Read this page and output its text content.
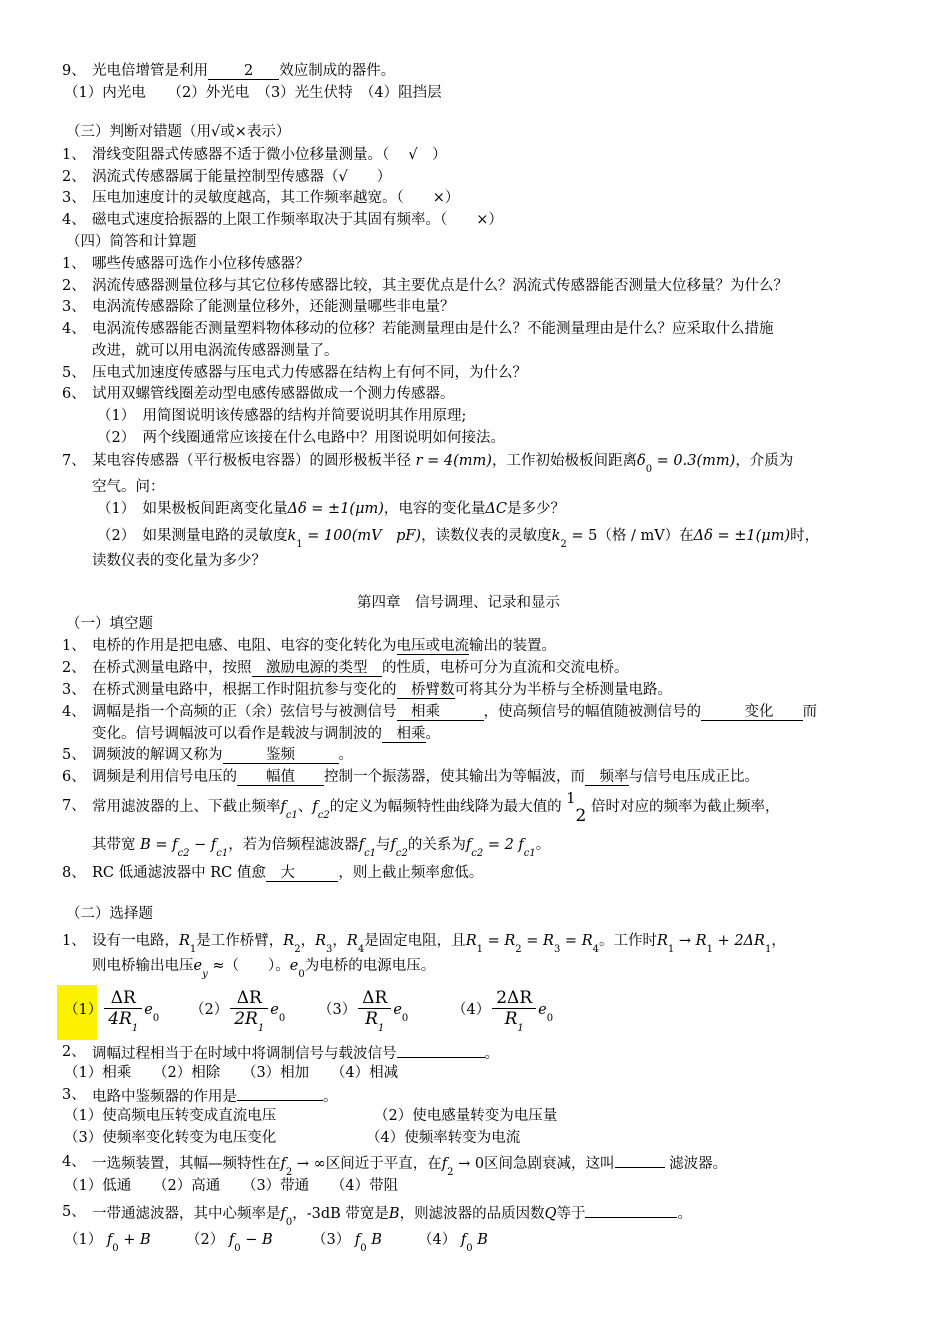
9、 光电倍增管是利用 2 效应制成的器件。
（1）内光电　　（2）外光电　（3）光生伏特　（4）阻挡层
（三）判断对错题（用√或×表示）
1、 滑线变阻器式传感器不适于微小位移量测量。（　 √　）
2、 涡流式传感器属于能量控制型传感器（√　　）
3、 压电加速度计的灵敏度越高，其工作频率越宽。（　　×）
4、 磁电式速度拾振器的上限工作频率取决于其固有频率。（　　×）
（四）简答和计算题
1、 哪些传感器可选作小位移传感器？
2、 涡流传感器测量位移与其它位移传感器比较，其主要优点是什么？涡流式传感器能否测量大位移量？为什么？
3、 电涡流传感器除了能测量位移外，还能测量哪些非电量？
4、 电涡流传感器能否测量塑料物体移动的位移？若能测量理由是什么？不能测量理由是什么？应采取什么措施
改进，就可以用电涡流传感器测量了。
5、 压电式加速度传感器与压电式力传感器在结构上有何不同，为什么？
6、 试用双螺管线圈差动型电感传感器做成一个测力传感器。
（1）　用简图说明该传感器的结构并简要说明其作用原理;
（2）　两个线圈通常应该接在什么电路中？用图说明如何接法。
7、 某电容传感器（平行极板电容器）的圆形极板半径 r = 4(mm)，工作初始极板间距离$\delta_0 = 0.3(mm)$，介质为
空气。问：
（1）　如果极板间距离变化量Δδ = ±1(μm)，电容的变化量ΔC是多少？
（2）　如果测量电路的灵敏度$k_1 = 100(mV$　pF)，读数仪表的灵敏度$k_2 = 5$（格 / mV）在Δδ = ±1(μm)时，
读数仪表的变化量为多少？
第四章　信号调理、记录和显示
（一）填空题
1、 电桥的作用是把电感、电阻、电容的变化转化为电压或电流输出的装置。
2、 在桥式测量电路中，按照　激励电源的类型　的性质，电桥可分为直流和交流电桥。
3、 在桥式测量电路中，根据工作时阻抗参与变化的　桥臂数可将其分为半桥与全桥测量电路。
4、 调幅是指一个高频的正（余）弦信号与被测信号　相乘　　　，使高频信号的幅值随被测信号的　　　变化　　 而
变化。信号调幅波可以看作是载波与调制波的　相乘。
5、 调频波的解调又称为　　　鉴频　　　。
6、 调频是利用信号电压的　　幅值　　控制一个振荡器，使其输出为等幅波，而　频率与信号电压成正比。
7、 常用滤波器的上、下截止频率$f_{c1}$、$f_{c2}$的定义为幅频特性曲线降为最大值的 12 倍时对应的频率为截止频率，
其带宽 $B = f_{c2} - f_{c1}$，若为倍频程滤波器$f_{c1}$与$f_{c2}$的关系为$f_{c2} = 2$ $f_{c1}$。
8、 RC 低通滤波器中 RC 值愈　大　　　，则上截止频率愈低。
（二）选择题
1、 设有一电路，$R_1$是工作桥臂，$R_2$，$R_3$，$R_4$是固定电阻，且$R_1 = R_2 = R_3 = R_4$。工作时$R_1 \to R_1 + 2\Delta R_1$，
则电桥输出电压$e_y$ ≈（　　）。$e_0$为电桥的电源电压。
$(1) \frac{\Delta R}{4R_1} e_0$
$(2) \frac{\Delta R}{2R_1} e_0$
$(3) \frac{\Delta R}{R_1} e_0$
$(4) \frac{2\Delta R}{R_1} e_0$
2、 调幅过程相当于在时域中将调制信号与载波信号	。
（1）相乘　　（2）相除　　（3）相加　　（4）相减
3、 电路中鉴频器的作用是	。
（1）使高频电压转变成直流电压	（2）使电感量转变为电压量
（3）使频率变化转变为电压变化	（4）使频率转变为电流
4、 一选频装置，其幅—频特性在$f_2$ → ∞区间近于平直，在$f_2 \to 0$区间急剧衰减，这叫	滤波器。
（1）低通　　（2）高通　　（3）带通　　（4）带阻
5、 一带通滤波器，其中心频率是$f_0$，-3dB 带宽是B，则滤波器的品质因数Q等于	。
（1） $f_0 + B$ （2） $f_0 - B$	（3） $f_0$ B （4） $f_0$ B
